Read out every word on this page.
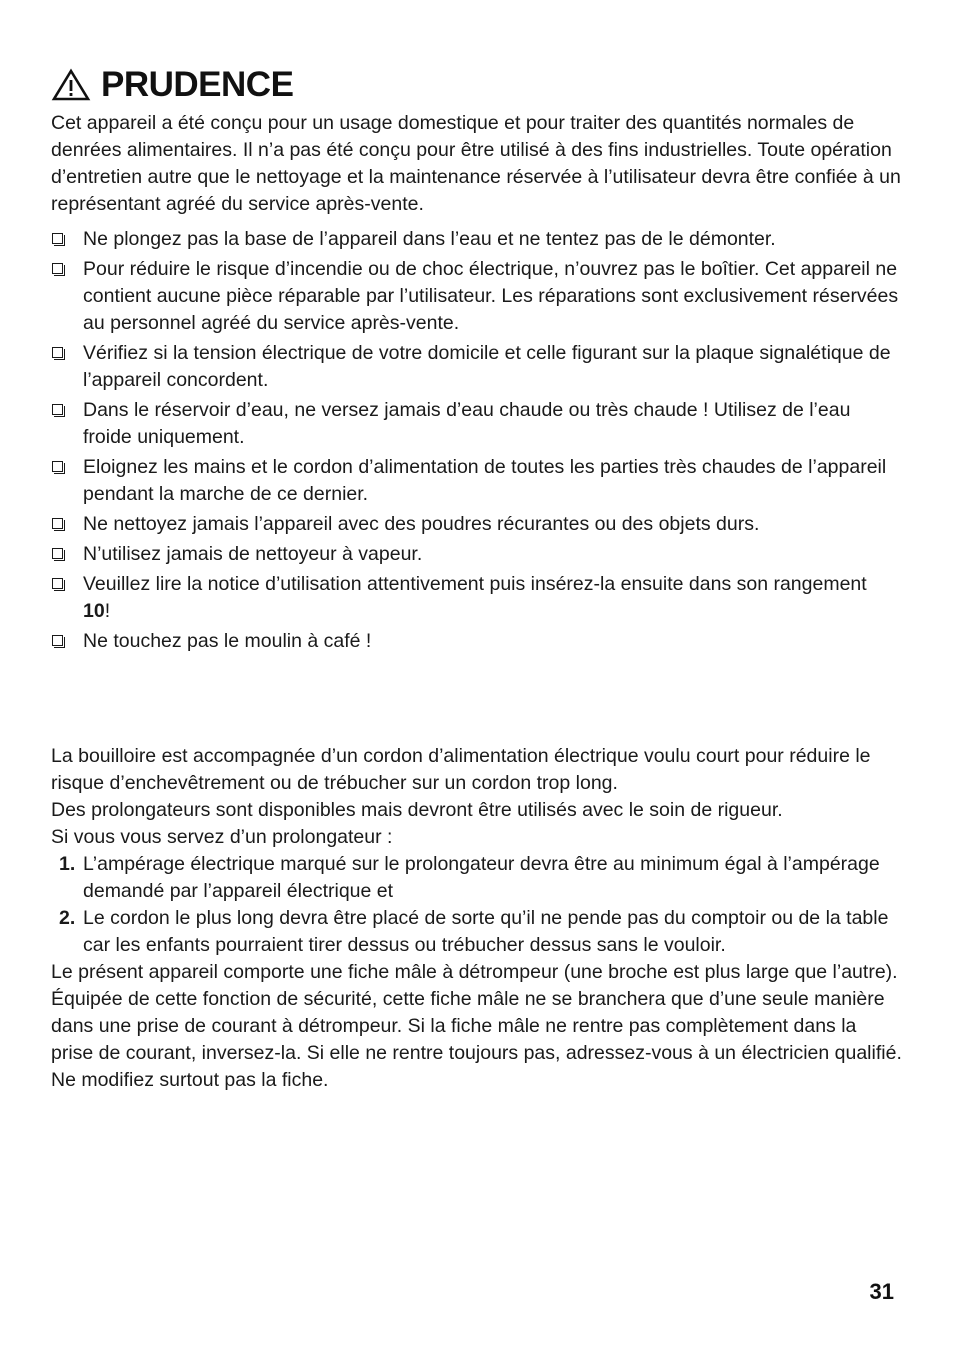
PRUDENCE

Cet appareil a été conçu pour un usage domestique et pour traiter des quantités normales de denrées alimentaires. Il n’a pas été conçu pour être utilisé à des fins industrielles. Toute opération d’entretien autre que le nettoyage et la maintenance réservée à l’utilisateur devra être confiée à un représentant agréé du service après-vente.

Ne plongez pas la base de l’appareil dans l’eau et ne tentez pas de le démonter.
Pour réduire le risque d’incendie ou de choc électrique, n’ouvrez pas le boîtier. Cet appareil ne contient aucune pièce réparable par l’utilisateur. Les réparations sont exclusivement réservées au personnel agréé du service après-vente.
Vérifiez si la tension électrique de votre domicile et celle figurant sur la plaque signalétique de l’appareil concordent.
Dans le réservoir d’eau, ne versez jamais d’eau chaude ou très chaude ! Utilisez de l’eau froide uniquement.
Eloignez les mains et le cordon d’alimentation de toutes les parties très chaudes de l’appareil pendant la marche de ce dernier.
Ne nettoyez jamais l’appareil avec des poudres récurantes ou des objets durs.
N’utilisez jamais de nettoyeur à vapeur.
Veuillez lire la notice d’utilisation attentivement puis insérez-la ensuite dans son rangement  10!
Ne touchez pas le moulin à café !

La bouilloire est accompagnée d’un cordon d’alimentation électrique voulu court pour réduire le risque d’enchevêtrement ou de trébucher sur un cordon trop long.

Des prolongateurs sont disponibles mais devront être utilisés avec le soin de rigueur.

Si vous vous servez d’un prolongateur :

1. L’ampérage électrique marqué sur le prolongateur devra être au minimum égal à l’ampérage demandé par l’appareil électrique et
2. Le cordon le plus long devra être placé de sorte qu’il ne pende pas du comptoir ou de la table car les enfants pourraient tirer dessus ou trébucher dessus sans le vouloir.

Le présent appareil comporte une fiche mâle à détrompeur (une broche est plus large que l’autre). Équipée de cette fonction de sécurité, cette fiche mâle ne se branchera que d’une seule manière dans une prise de courant à détrompeur. Si la fiche mâle ne rentre pas complètement dans la prise de courant, inversez-la. Si elle ne rentre toujours pas, adressez-vous à un électricien qualifié. Ne modifiez surtout pas la fiche.

31
